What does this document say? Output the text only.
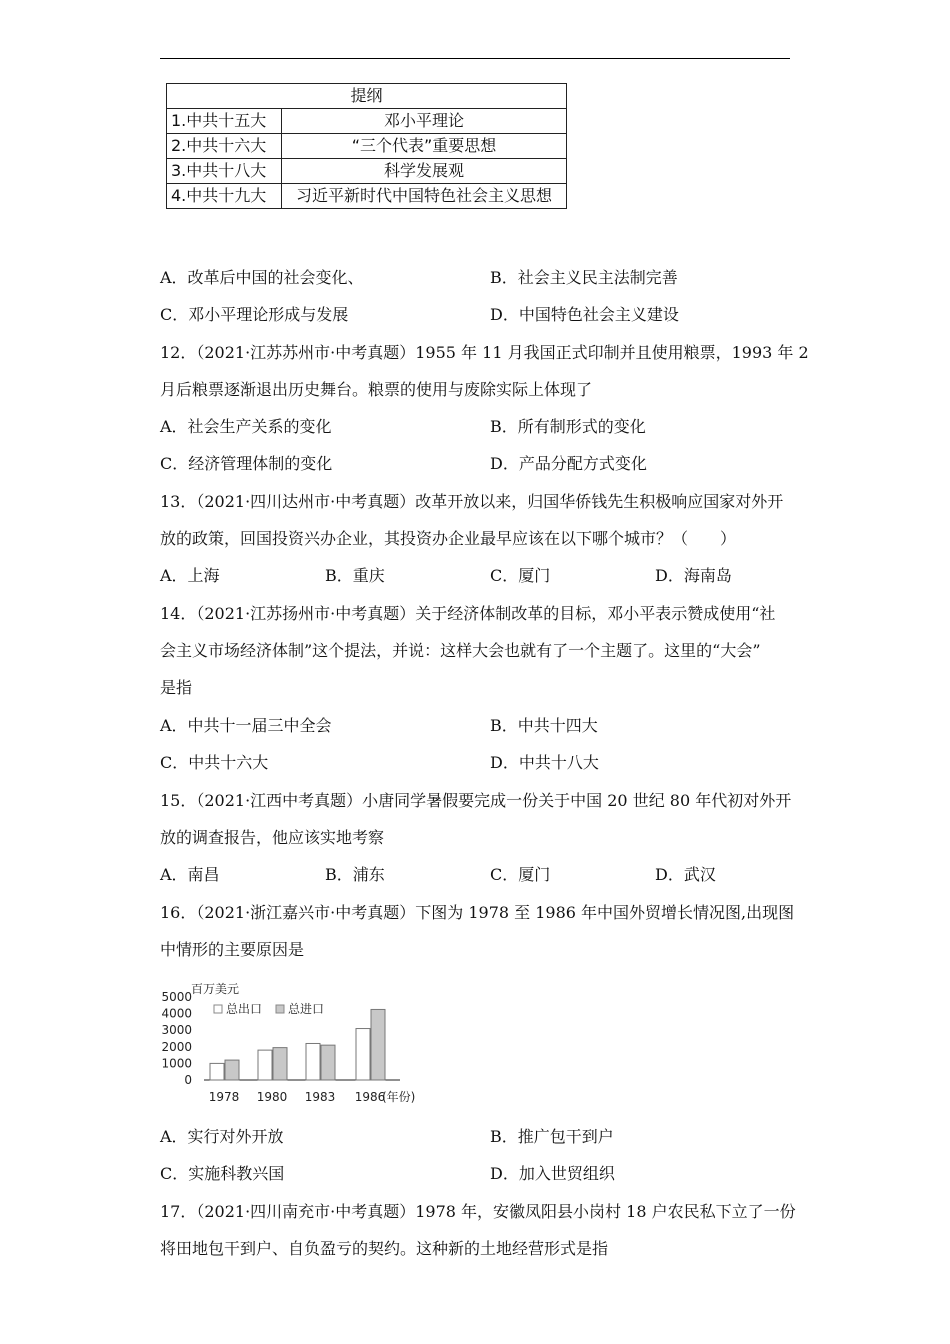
提纲	
1.中共十五大	邓小平理论
2.中共十六大	“三个代表”重要思想
3.中共十八大	科学发展观
4.中共十九大	习近平新时代中国特色社会主义思想
A．改革后中国的社会变化、	B．社会主义民主法制完善
C．邓小平理论形成与发展	D．中国特色社会主义建设
12．（2021·江苏苏州市·中考真题）1955 年 11 月我国正式印制并且使用粮票，1993 年 2
月后粮票逐渐退出历史舞台。粮票的使用与废除实际上体现了
A．社会生产关系的变化	B．所有制形式的变化
C．经济管理体制的变化	D．产品分配方式变化
13．（2021·四川达州市·中考真题）改革开放以来，归国华侨钱先生积极响应国家对外开
放的政策，回国投资兴办企业，其投资办企业最早应该在以下哪个城市？（　　）
A．上海	B．重庆	C．厦门	D．海南岛
14．（2021·江苏扬州市·中考真题）关于经济体制改革的目标，邓小平表示赞成使用“社
会主义市场经济体制”这个提法，并说：这样大会也就有了一个主题了。这里的“大会”
是指
A．中共十一届三中全会	B．中共十四大
C．中共十六大	D．中共十八大
15．（2021·江西中考真题）小唐同学暑假要完成一份关于中国 20 世纪 80 年代初对外开
放的调查报告，他应该实地考察
A．南昌	B．浦东	C．厦门	D．武汉
16．（2021·浙江嘉兴市·中考真题）下图为 1978 至 1986 年中国外贸增长情况图,出现图
中情形的主要原因是
百万美元
0
1000
2000
3000
4000
5000
总出口 总进口
1978 1980 1983 1986
(年份)
A．实行对外开放	B．推广包干到户
C．实施科教兴国	D．加入世贸组织
17．（2021·四川南充市·中考真题）1978 年，安徽凤阳县小岗村 18 户农民私下立了一份
将田地包干到户、自负盈亏的契约。这种新的土地经营形式是指
